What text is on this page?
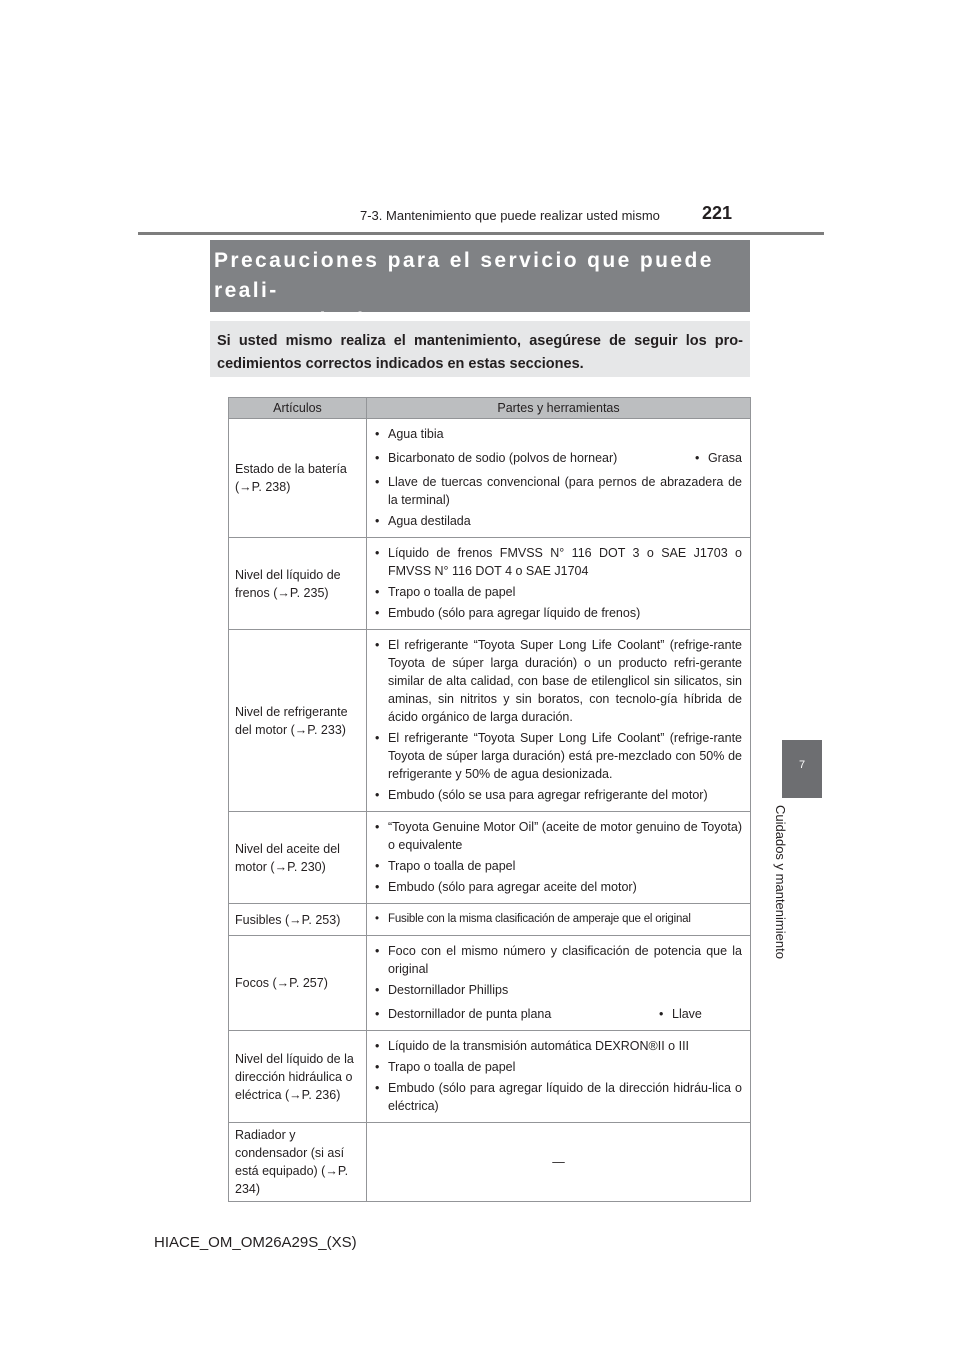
7-3. Mantenimiento que puede realizar usted mismo 221
7
Cuidados y mantenimiento
Precauciones para el servicio que puede reali-
Si usted mismo realiza el mantenimiento, asegúrese de seguir los pro-cedimientos correctos indicados en estas secciones.
Artículos	Partes y herramientas
Estado de la batería (→P. 238)	• Agua tibia
• Bicarbonato de sodio (polvos de hornear) • Grasa
• Llave de tuercas convencional (para pernos de abrazadera de la terminal)
• Agua destilada

Nivel del líquido de frenos (→P. 235)	• Líquido de frenos FMVSS N° 116 DOT 3 o SAE J1703 o FMVSS N° 116 DOT 4 o SAE J1704
• Trapo o toalla de papel
• Embudo (sólo para agregar líquido de frenos)

Nivel de refrigerante del motor (→P. 233)	• El refrigerante “Toyota Super Long Life Coolant” (refrige-rante Toyota de súper larga duración) o un producto refri-gerante similar de alta calidad, con base de etilenglicol sin silicatos, sin aminas, sin nitritos y sin boratos, con tecnolo-gía híbrida de ácido orgánico de larga duración.
• El refrigerante “Toyota Super Long Life Coolant” (refrige-rante Toyota de súper larga duración) está pre-mezclado con 50% de refrigerante y 50% de agua desionizada.
• Embudo (sólo se usa para agregar refrigerante del motor)

Nivel del aceite del motor (→P. 230)	• “Toyota Genuine Motor Oil” (aceite de motor genuino de Toyota) o equivalente
• Trapo o toalla de papel
• Embudo (sólo para agregar aceite del motor)

Fusibles (→P. 253)	• Fusible con la misma clasificación de amperaje que el original

Focos (→P. 257)	• Foco con el mismo número y clasificación de potencia que la original
• Destornillador Phillips
• Destornillador de punta plana • Llave

Nivel del líquido de la dirección hidráulica o eléctrica (→P. 236)	• Líquido de la transmisión automática DEXRON®II o III
• Trapo o toalla de papel
• Embudo (sólo para agregar líquido de la dirección hidráu-lica o eléctrica)

Radiador y condensador (si así está equipado) (→P. 234)	—
HIACE_OM_OM26A29S_(XS)
